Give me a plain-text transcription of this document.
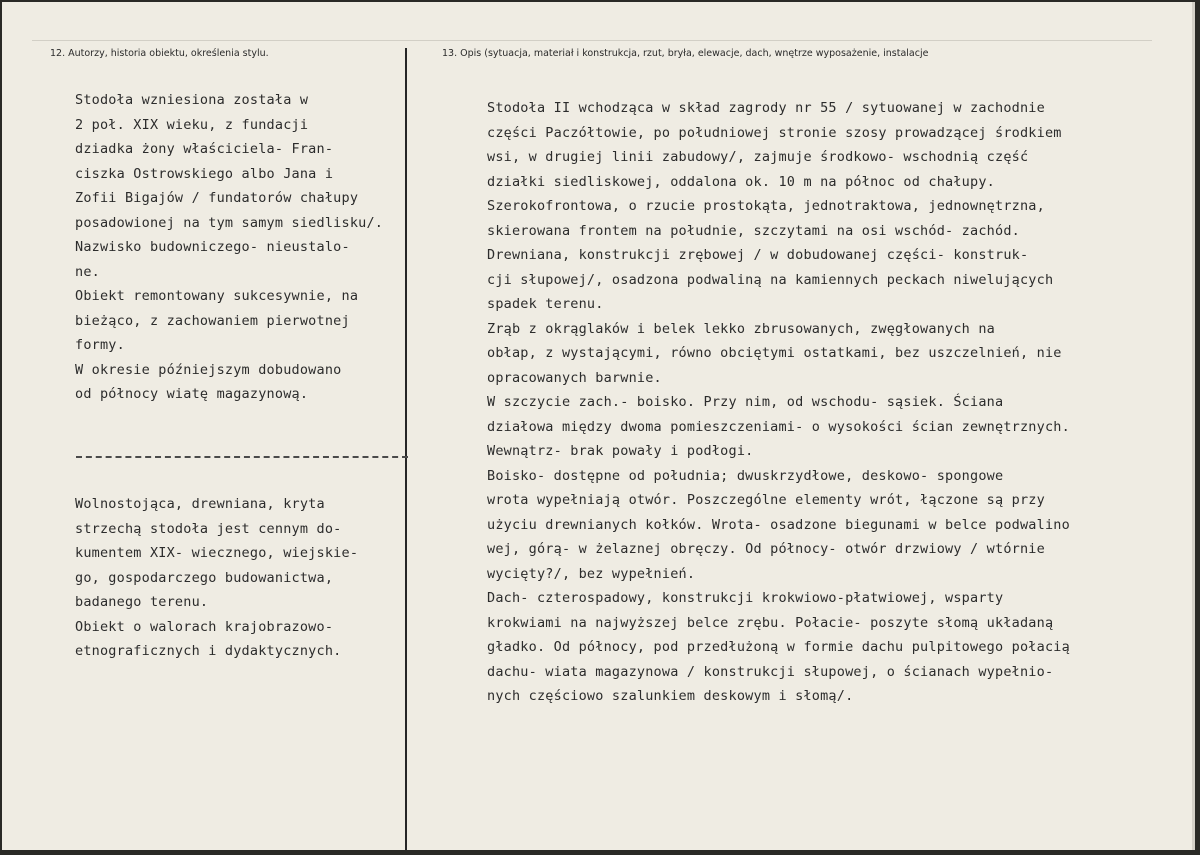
12. Autorzy, historia obiektu, określenia stylu.	13. Opis (sytuacja, materiał i konstrukcja, rzut, bryła, elewacje, dach, wnętrze wyposażenie, instalacje
Stodoła wzniesiona została w
2 poł. XIX wieku, z fundacji
dziadka żony właściciela- Fran-
ciszka Ostrowskiego albo Jana i
Zofii Bigajów / fundatorów chałupy
posadowionej na tym samym siedlisku/.
Nazwisko budowniczego- nieustalo-
ne.
Obiekt remontowany sukcesywnie, na
bieżąco, z zachowaniem pierwotnej
formy.
W okresie późniejszym dobudowano
od północy wiatę magazynową.
Wolnostojąca, drewniana, kryta
strzechą stodoła jest cennym do-
kumentem XIX- wiecznego, wiejskie-
go, gospodarczego budowanictwa,
badanego terenu.
Obiekt o walorach krajobrazowo-
etnograficznych i dydaktycznych.
Stodoła II wchodząca w skład zagrody nr 55 / sytuowanej w zachodnie
części Paczółtowie, po południowej stronie szosy prowadzącej środkiem
wsi, w drugiej linii zabudowy/, zajmuje środkowo- wschodnią część
działki siedliskowej, oddalona ok. 10 m na północ od chałupy.
Szerokofrontowa, o rzucie prostokąta, jednotraktowa, jednownętrzna,
skierowana frontem na południe, szczytami na osi wschód- zachód.
Drewniana, konstrukcji zrębowej / w dobudowanej części- konstruk-
cji słupowej/, osadzona podwaliną na kamiennych peckach niwelujących
spadek terenu.
Zrąb z okrąglaków i belek lekko zbrusowanych, zwęgłowanych na
obłap, z wystającymi, równo obciętymi ostatkami, bez uszczelnień, nie
opracowanych barwnie.
W szczycie zach.- boisko. Przy nim, od wschodu- sąsiek. Ściana
działowa między dwoma pomieszczeniami- o wysokości ścian zewnętrznych.
Wewnątrz- brak powały i podłogi.
Boisko- dostępne od południa; dwuskrzydłowe, deskowo- spongowe
wrota wypełniają otwór. Poszczególne elementy wrót, łączone są przy
użyciu drewnianych kołków. Wrota- osadzone biegunami w belce podwalino
wej, górą- w żelaznej obręczy. Od północy- otwór drzwiowy / wtórnie
wycięty?/, bez wypełnień.
Dach- czterospadowy, konstrukcji krokwiowo-płatwiowej, wsparty
krokwiami na najwyższej belce zrębu. Połacie- poszyte słomą układaną
gładko. Od północy, pod przedłużoną w formie dachu pulpitowego połacią
dachu- wiata magazynowa / konstrukcji słupowej, o ścianach wypełnio-
nych częściowo szalunkiem deskowym i słomą/.
